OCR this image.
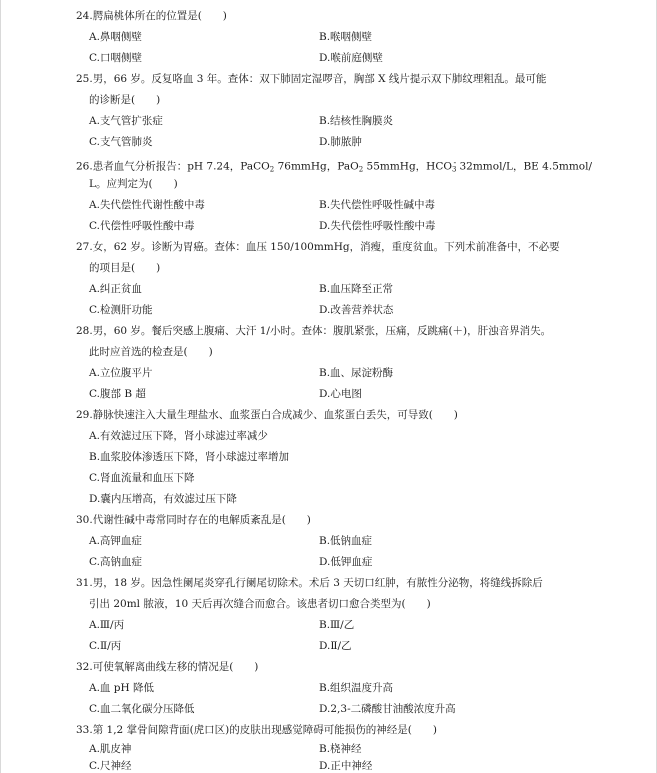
24.腭扁桃体所在的位置是(　　)
A.鼻咽侧壁	B.喉咽侧壁
C.口咽侧壁	D.喉前庭侧壁
25.男，66 岁。反复咯血 3 年。查体：双下肺固定湿啰音，胸部 X 线片提示双下肺纹理粗乱。最可能
的诊断是(　　)
A.支气管扩张症	B.结核性胸膜炎
C.支气管肺炎	D.肺脓肿
26.患者血气分析报告：pH 7.24，PaCO$_2$ 76mmHg，PaO$_2$ 55mmHg，$HCO_3^-$ 32mmol/L，BE 4.5mmol/
L。应判定为(　　)
A.失代偿性代谢性酸中毒	B.失代偿性呼吸性碱中毒
C.代偿性呼吸性酸中毒	D.失代偿性呼吸性酸中毒
27.女，62 岁。诊断为胃癌。查体：血压 150/100mmHg，消瘦，重度贫血。下列术前准备中，不必要
的项目是(　　)
A.纠正贫血	B.血压降至正常
C.检测肝功能	D.改善营养状态
28.男，60 岁。餐后突感上腹痛、大汗 1/小时。查体：腹肌紧张，压痛，反跳痛(＋)，肝浊音界消失。
此时应首选的检查是(　　)
A.立位腹平片	B.血、尿淀粉酶
C.腹部 B 超	D.心电图
29.静脉快速注入大量生理盐水、血浆蛋白合成减少、血浆蛋白丢失，可导致(　　)
A.有效滤过压下降，肾小球滤过率减少
B.血浆胶体渗透压下降，肾小球滤过率增加
C.肾血流量和血压下降
D.囊内压增高，有效滤过压下降
30.代谢性碱中毒常同时存在的电解质紊乱是(　　)
A.高钾血症	B.低钠血症
C.高钠血症	D.低钾血症
31.男，18 岁。因急性阑尾炎穿孔行阑尾切除术。术后 3 天切口红肿，有脓性分泌物，将缝线拆除后
引出 20ml 脓液，10 天后再次缝合而愈合。该患者切口愈合类型为(　　)
A.Ⅲ/丙	B.Ⅲ/乙
C.Ⅱ/丙	D.Ⅱ/乙
32.可使氧解离曲线左移的情况是(　　)
A.血 pH 降低	B.组织温度升高
C.血二氧化碳分压降低	D.2,3-二磷酸甘油酸浓度升高
33.第 1,2 掌骨间隙背面(虎口区)的皮肤出现感觉障碍可能损伤的神经是(　　)
A.肌皮神	B.桡神经
C.尺神经	D.正中神经
